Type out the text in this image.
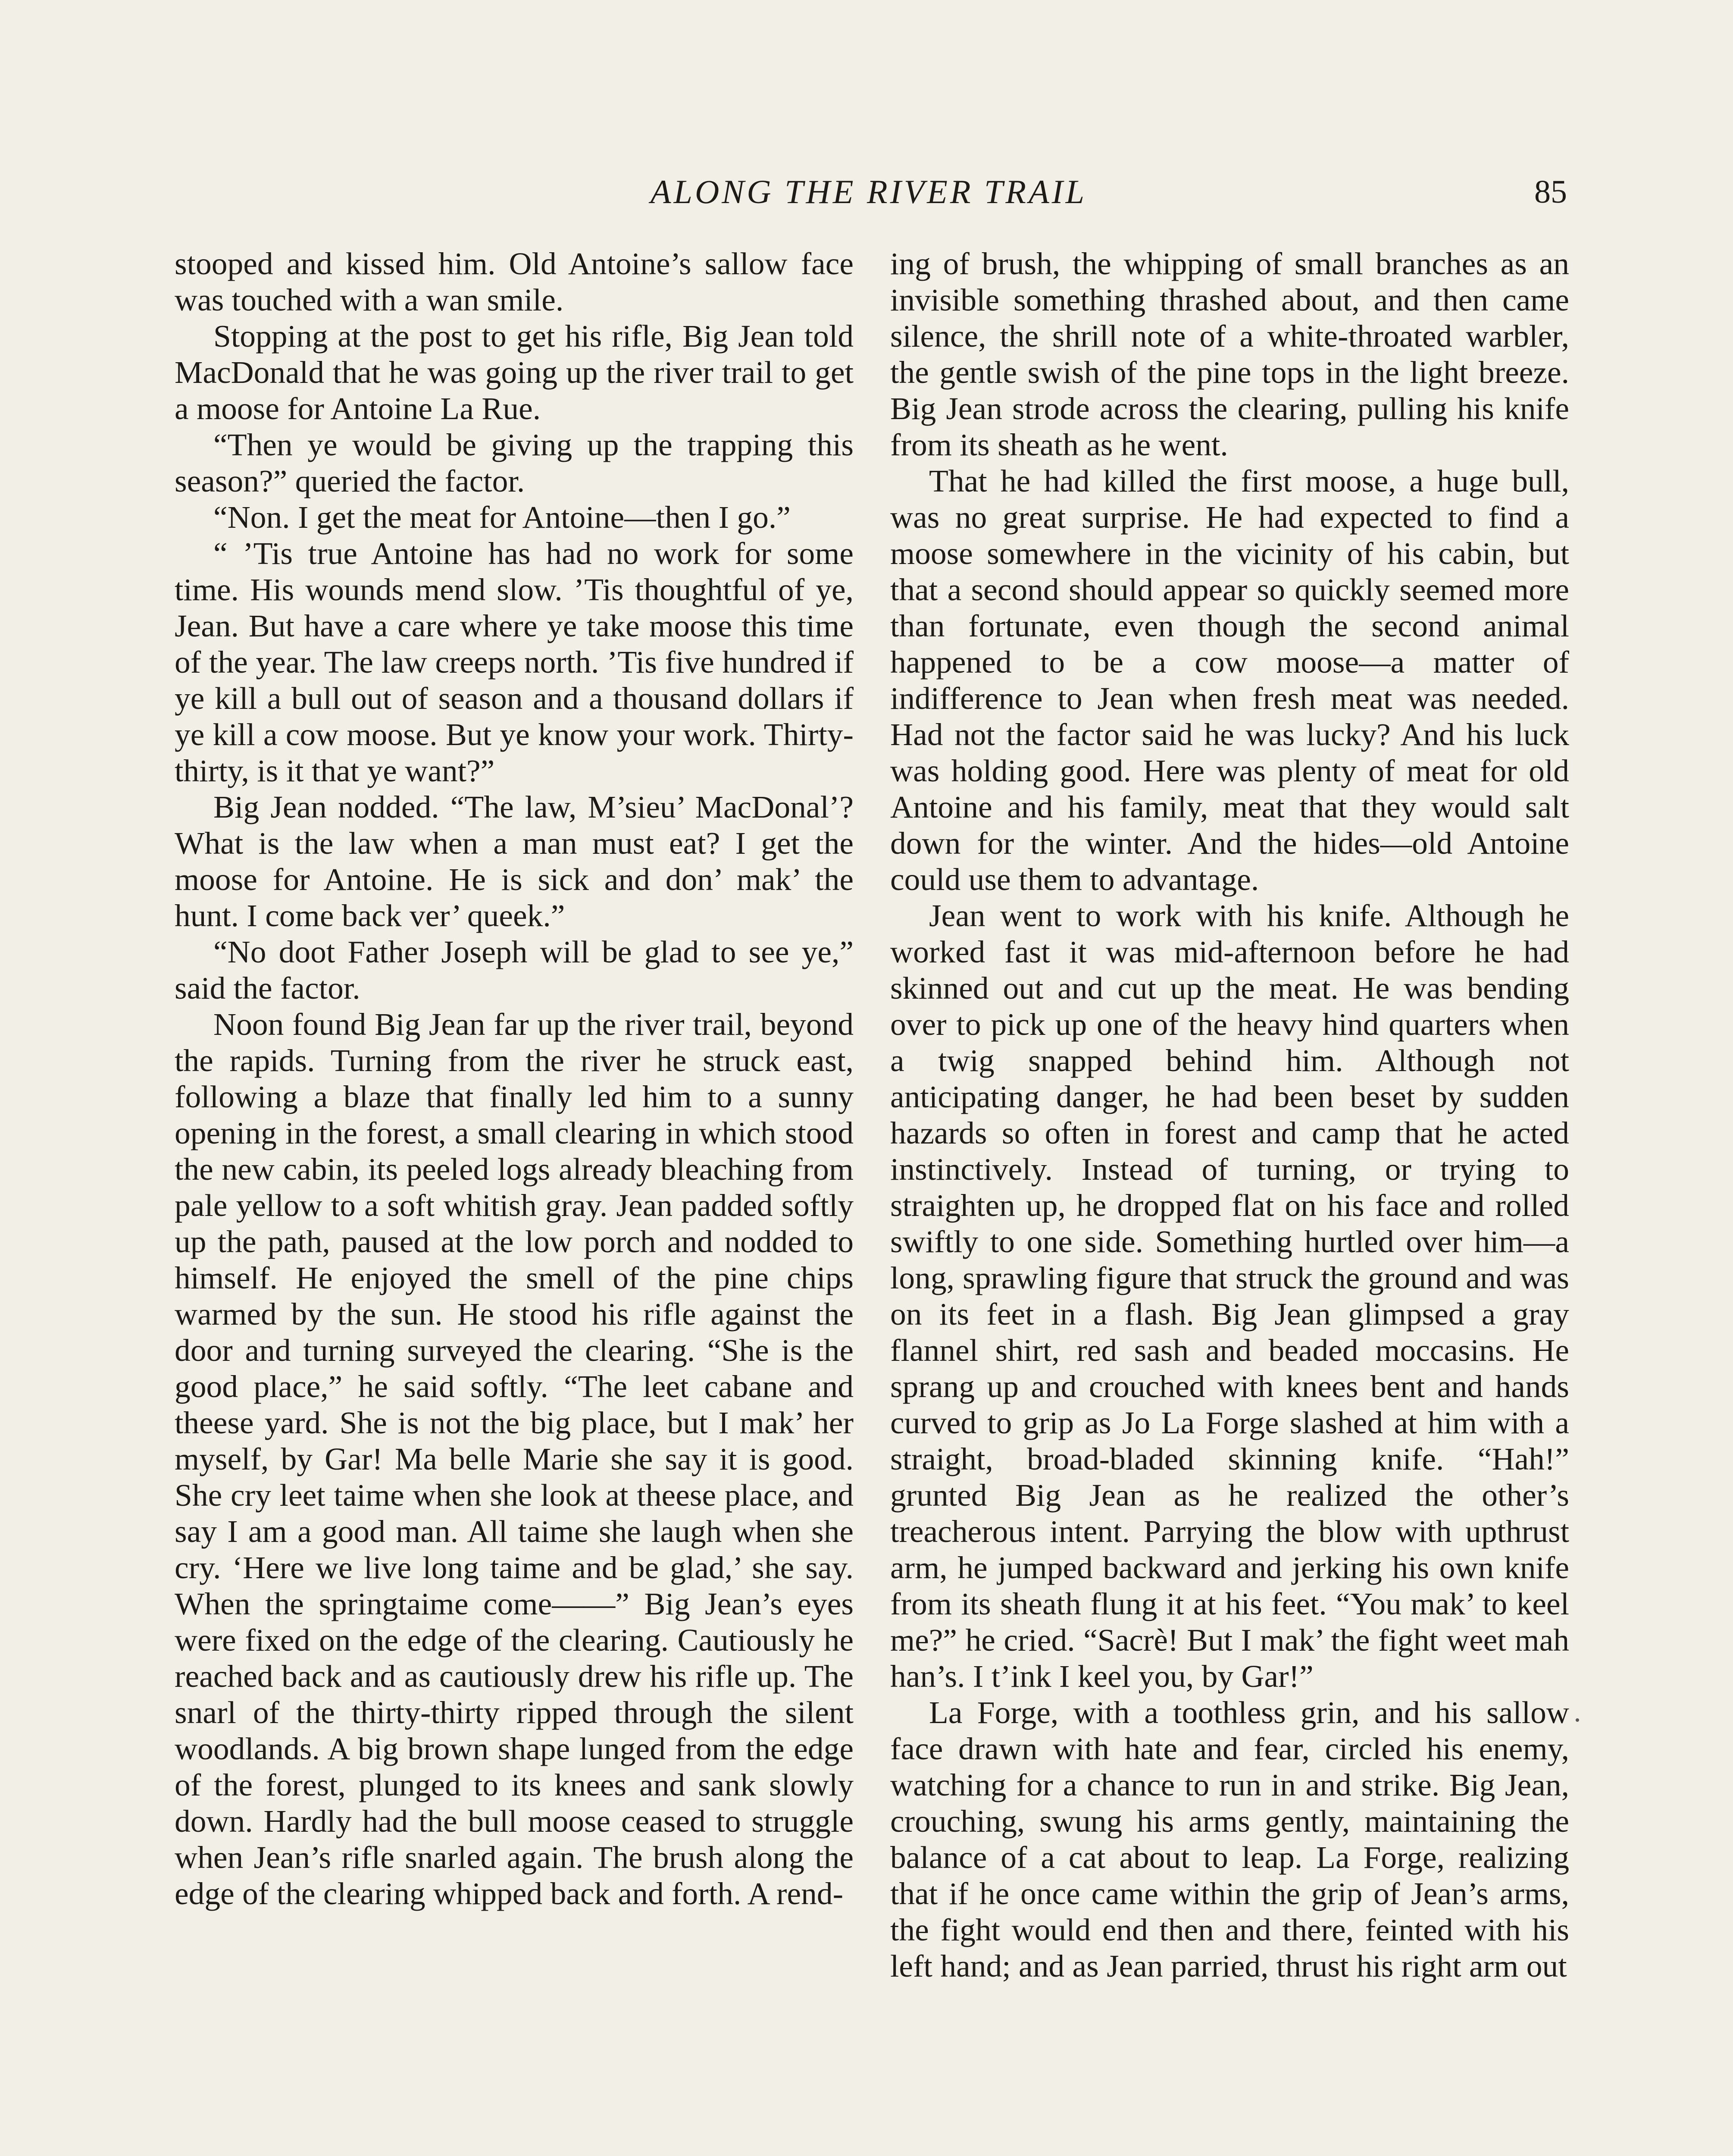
ALONG THE RIVER TRAIL	85

stooped and kissed him. Old Antoine’s sallow face was touched with a wan smile.

Stopping at the post to get his rifle, Big Jean told MacDonald that he was going up the river trail to get a moose for Antoine La Rue.

“Then ye would be giving up the trapping this season?” queried the factor.

“Non. I get the meat for Antoine—then I go.”

“ ’Tis true Antoine has had no work for some time. His wounds mend slow. ’Tis thoughtful of ye, Jean. But have a care where ye take moose this time of the year. The law creeps north. ’Tis five hundred if ye kill a bull out of season and a thousand dollars if ye kill a cow moose. But ye know your work. Thirty-thirty, is it that ye want?”

Big Jean nodded. “The law, M’sieu’ MacDonal’? What is the law when a man must eat? I get the moose for Antoine. He is sick and don’ mak’ the hunt. I come back ver’ queek.”

“No doot Father Joseph will be glad to see ye,” said the factor.

Noon found Big Jean far up the river trail, beyond the rapids. Turning from the river he struck east, following a blaze that finally led him to a sunny opening in the forest, a small clearing in which stood the new cabin, its peeled logs already bleaching from pale yellow to a soft whitish gray. Jean padded softly up the path, paused at the low porch and nodded to himself. He enjoyed the smell of the pine chips warmed by the sun. He stood his rifle against the door and turning surveyed the clearing. “She is the good place,” he said softly. “The leet cabane and theese yard. She is not the big place, but I mak’ her myself, by Gar! Ma belle Marie she say it is good. She cry leet taime when she look at theese place, and say I am a good man. All taime she laugh when she cry. ‘Here we live long taime and be glad,’ she say. When the springtaime come——” Big Jean’s eyes were fixed on the edge of the clearing. Cautiously he reached back and as cautiously drew his rifle up. The snarl of the thirty-thirty ripped through the silent woodlands. A big brown shape lunged from the edge of the forest, plunged to its knees and sank slowly down. Hardly had the bull moose ceased to struggle when Jean’s rifle snarled again. The brush along the edge of the clearing whipped back and forth. A rend-

ing of brush, the whipping of small branches as an invisible something thrashed about, and then came silence, the shrill note of a white-throated warbler, the gentle swish of the pine tops in the light breeze. Big Jean strode across the clearing, pulling his knife from its sheath as he went.

That he had killed the first moose, a huge bull, was no great surprise. He had expected to find a moose somewhere in the vicinity of his cabin, but that a second should appear so quickly seemed more than fortunate, even though the second animal happened to be a cow moose—a matter of indifference to Jean when fresh meat was needed. Had not the factor said he was lucky? And his luck was holding good. Here was plenty of meat for old Antoine and his family, meat that they would salt down for the winter. And the hides—old Antoine could use them to advantage.

Jean went to work with his knife. Although he worked fast it was mid-afternoon before he had skinned out and cut up the meat. He was bending over to pick up one of the heavy hind quarters when a twig snapped behind him. Although not anticipating danger, he had been beset by sudden hazards so often in forest and camp that he acted instinctively. Instead of turning, or trying to straighten up, he dropped flat on his face and rolled swiftly to one side. Something hurtled over him—a long, sprawling figure that struck the ground and was on its feet in a flash. Big Jean glimpsed a gray flannel shirt, red sash and beaded moccasins. He sprang up and crouched with knees bent and hands curved to grip as Jo La Forge slashed at him with a straight, broad-bladed skinning knife. “Hah!” grunted Big Jean as he realized the other’s treacherous intent. Parrying the blow with upthrust arm, he jumped backward and jerking his own knife from its sheath flung it at his feet. “You mak’ to keel me?” he cried. “Sacrè! But I mak’ the fight weet mah han’s. I t’ink I keel you, by Gar!”

La Forge, with a toothless grin, and his sallow face drawn with hate and fear, circled his enemy, watching for a chance to run in and strike. Big Jean, crouching, swung his arms gently, maintaining the balance of a cat about to leap. La Forge, realizing that if he once came within the grip of Jean’s arms, the fight would end then and there, feinted with his left hand; and as Jean parried, thrust his right arm out
